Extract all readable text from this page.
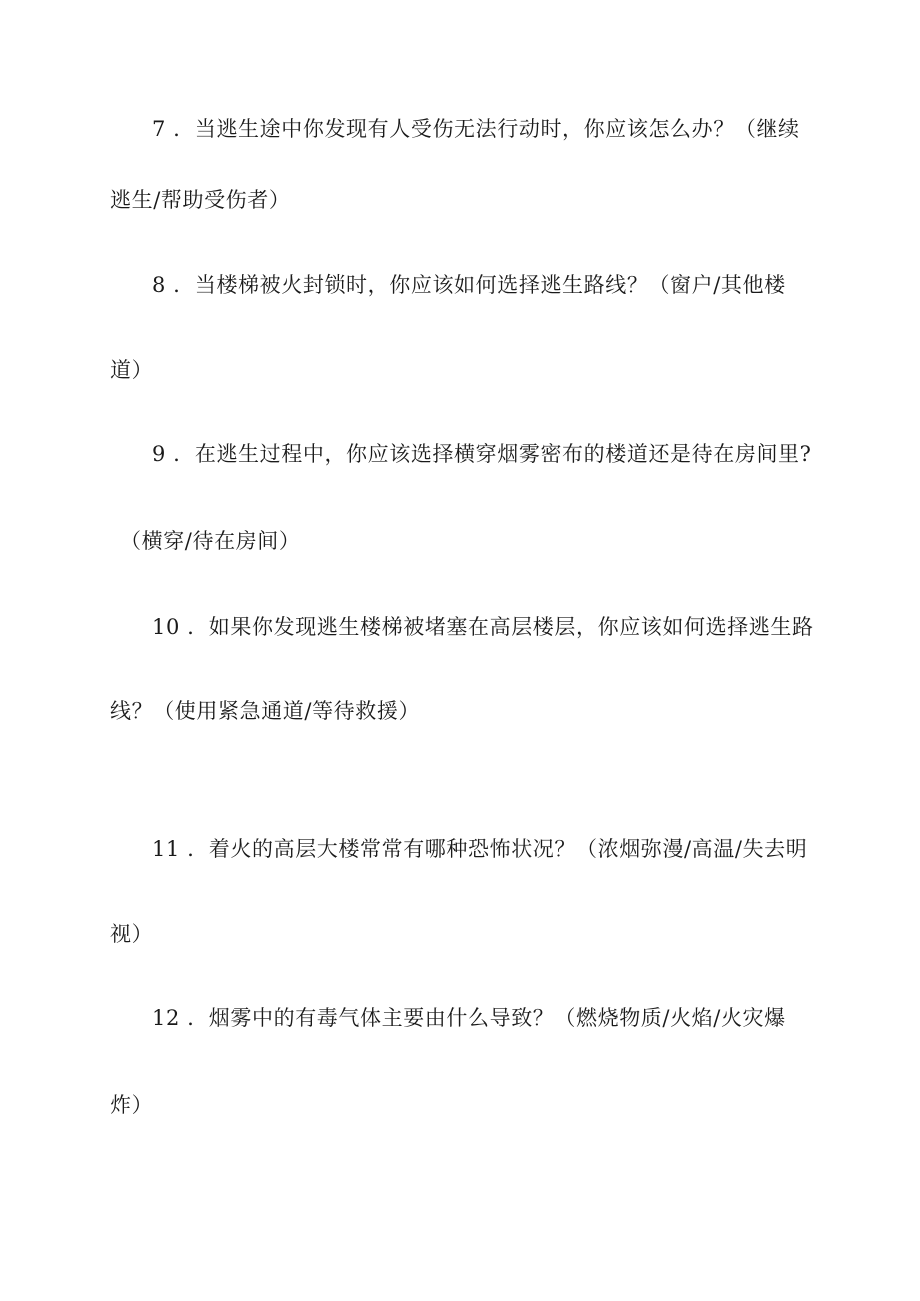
7 ．当逃生途中你发现有人受伤无法行动时，你应该怎么办？（继续
逃生/帮助受伤者）
8 ．当楼梯被火封锁时，你应该如何选择逃生路线？（窗户/其他楼
道）
9 ．在逃生过程中，你应该选择横穿烟雾密布的楼道还是待在房间里?
（横穿/待在房间）
10 ．如果你发现逃生楼梯被堵塞在高层楼层，你应该如何选择逃生路
线？（使用紧急通道/等待救援）
11 ．着火的高层大楼常常有哪种恐怖状况？（浓烟弥漫/高温/失去明
视）
12 ．烟雾中的有毒气体主要由什么导致？（燃烧物质/火焰/火灾爆
炸）
